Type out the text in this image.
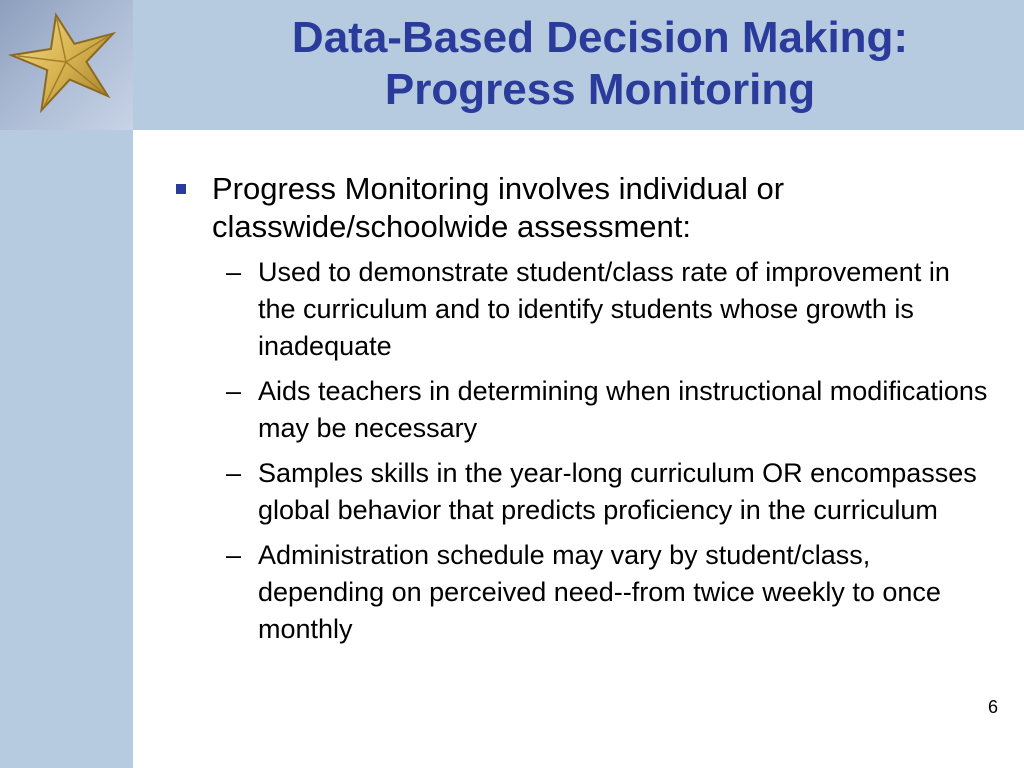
Data-Based Decision Making:
Progress Monitoring
Progress Monitoring involves individual or classwide/schoolwide assessment:
– Used to demonstrate student/class rate of improvement in the curriculum and to identify students whose growth is inadequate
– Aids teachers in determining when instructional modifications may be necessary
– Samples skills in the year-long curriculum OR encompasses global behavior that predicts proficiency in the curriculum
– Administration schedule may vary by student/class, depending on perceived need--from twice weekly to once monthly
6
